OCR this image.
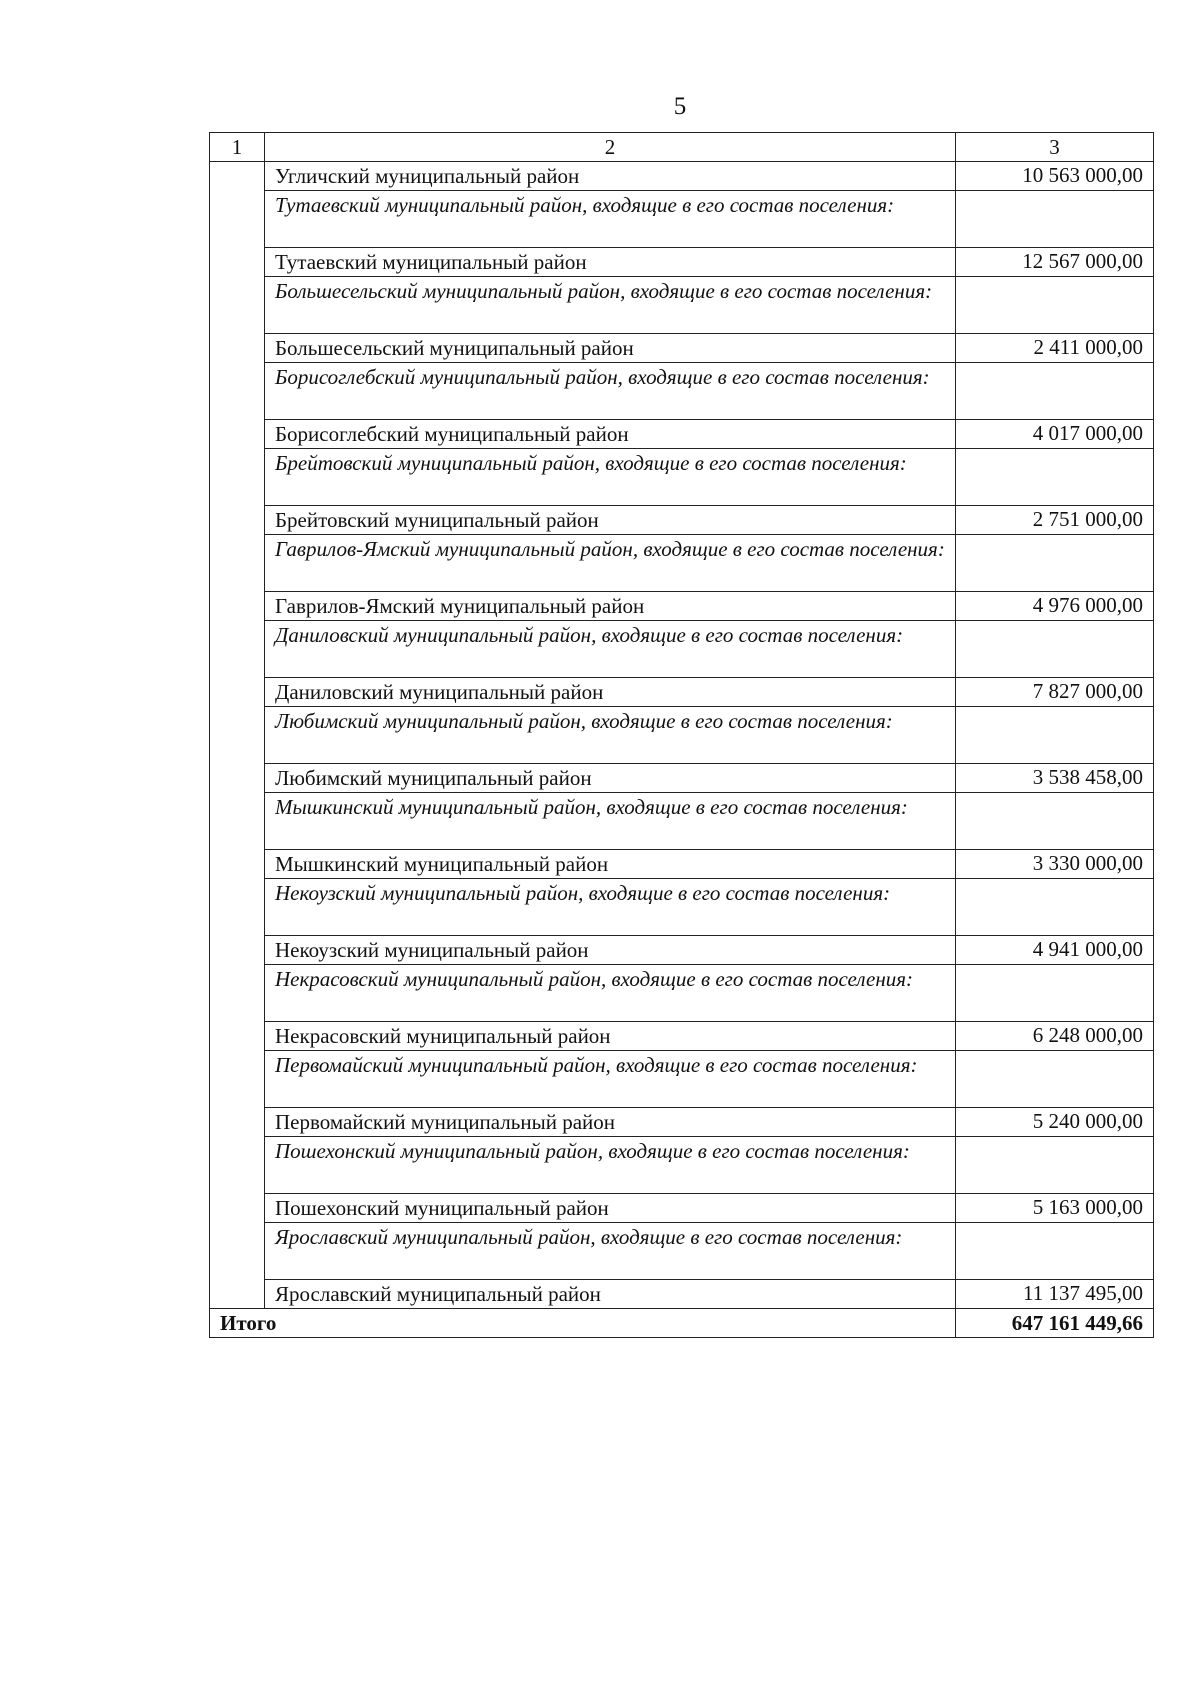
5
1	2	3
	Угличский муниципальный район	10 563 000,00
	Тутаевский муниципальный район, входящие в его состав поселения:	
	Тутаевский муниципальный район	12 567 000,00
	Большесельский муниципальный район, входящие в его состав поселения:	
	Большесельский муниципальный район	2 411 000,00
	Борисоглебский муниципальный район, входящие в его состав поселения:	
	Борисоглебский муниципальный район	4 017 000,00
	Брейтовский муниципальный район, входящие в его состав поселения:	
	Брейтовский муниципальный район	2 751 000,00
	Гаврилов-Ямский муниципальный район, входящие в его состав поселения:	
	Гаврилов-Ямский муниципальный район	4 976 000,00
	Даниловский муниципальный район, входящие в его состав поселения:	
	Даниловский муниципальный район	7 827 000,00
	Любимский муниципальный район, входящие в его состав поселения:	
	Любимский муниципальный район	3 538 458,00
	Мышкинский муниципальный район, входящие в его состав поселения:	
	Мышкинский муниципальный район	3 330 000,00
	Некоузский муниципальный район, входящие в его состав поселения:	
	Некоузский муниципальный район	4 941 000,00
	Некрасовский муниципальный район, входящие в его состав поселения:	
	Некрасовский муниципальный район	6 248 000,00
	Первомайский муниципальный район, входящие в его состав поселения:	
	Первомайский муниципальный район	5 240 000,00
	Пошехонский муниципальный район, входящие в его состав поселения:	
	Пошехонский муниципальный район	5 163 000,00
	Ярославский муниципальный район, входящие в его состав поселения:	
	Ярославский муниципальный район	11 137 495,00
Итого		647 161 449,66
